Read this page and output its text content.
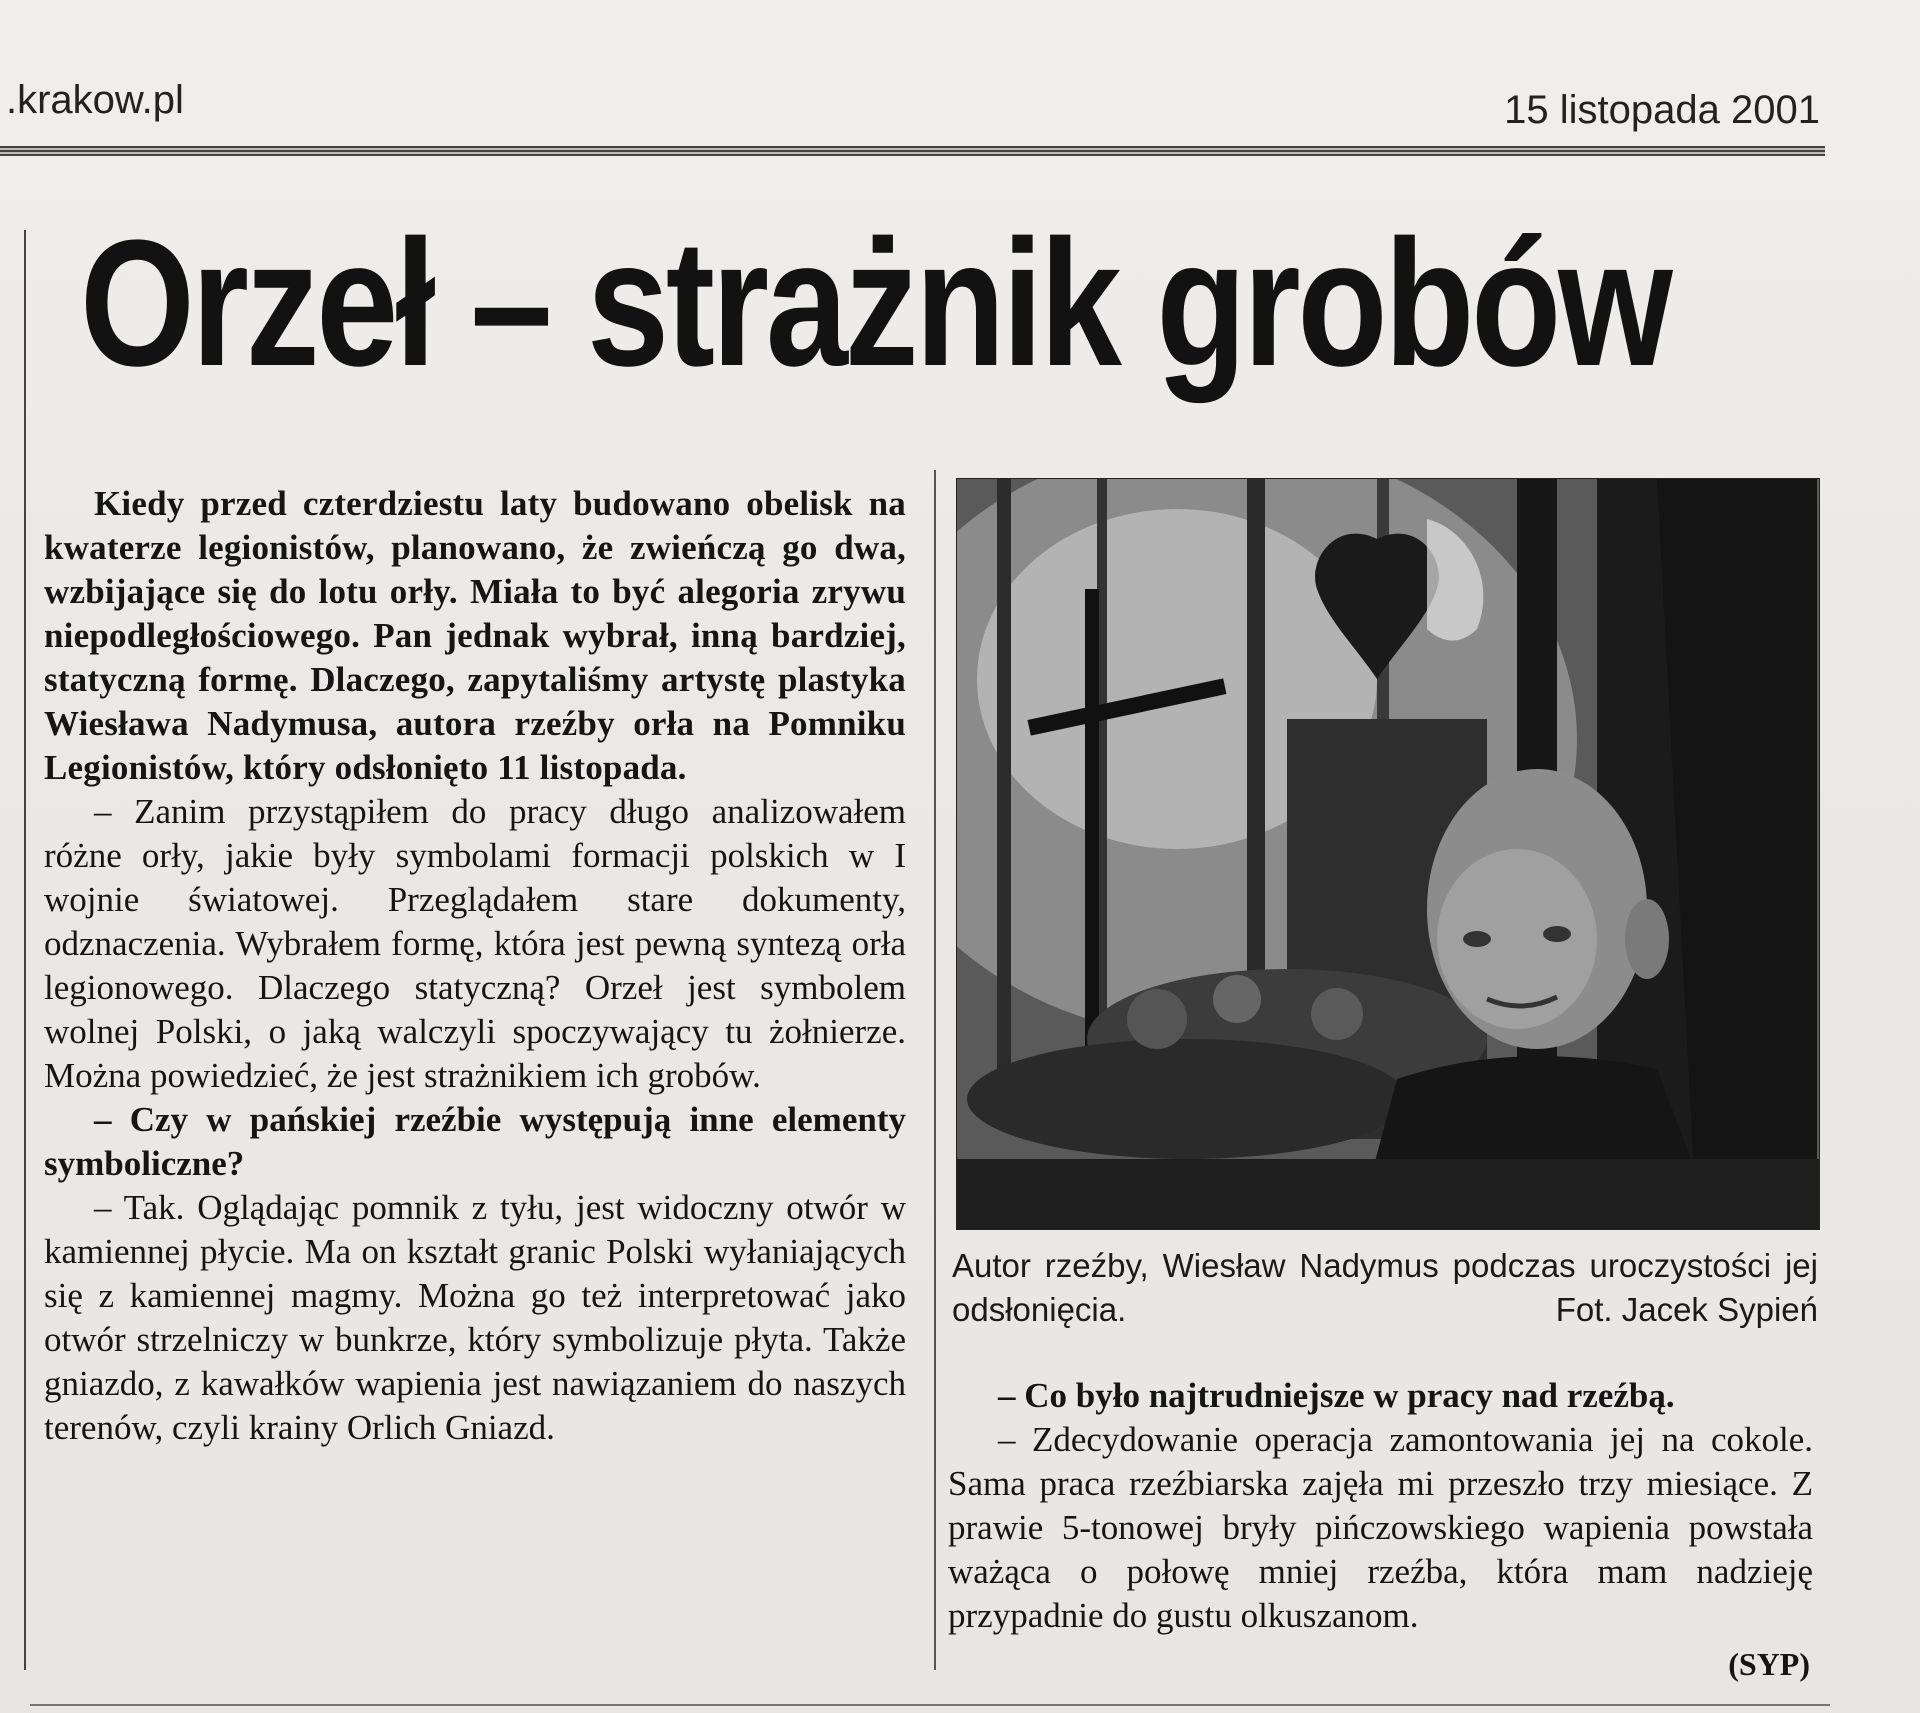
.krakow.pl	15 listopada 2001
Orzeł – strażnik grobów

Kiedy przed czterdziestu laty budowano obelisk na kwaterze legionistów, planowano, że zwieńczą go dwa, wzbijające się do lotu orły. Miała to być alegoria zrywu niepodległościowego. Pan jednak wybrał, inną bardziej, statyczną formę. Dlaczego, zapytaliśmy artystę plastyka Wiesława Nadymusa, autora rzeźby orła na Pomniku Legionistów, który odsłonięto 11 listopada.

– Zanim przystąpiłem do pracy długo analizowałem różne orły, jakie były symbolami formacji polskich w I wojnie światowej. Przeglądałem stare dokumenty, odznaczenia. Wybrałem formę, która jest pewną syntezą orła legionowego. Dlaczego statyczną? Orzeł jest symbolem wolnej Polski, o jaką walczyli spoczywający tu żołnierze. Można powiedzieć, że jest strażnikiem ich grobów.

– Czy w pańskiej rzeźbie występują inne elementy symboliczne?

– Tak. Oglądając pomnik z tyłu, jest widoczny otwór w kamiennej płycie. Ma on kształt granic Polski wyłaniających się z kamiennej magmy. Można go też interpretować jako otwór strzelniczy w bunkrze, który symbolizuje płyta. Także gniazdo, z kawałków wapienia jest nawiązaniem do naszych terenów, czyli krainy Orlich Gniazd.

Autor rzeźby, Wiesław Nadymus podczas uroczystości jej odsłonięcia.	Fot. Jacek Sypień

– Co było najtrudniejsze w pracy nad rzeźbą.

– Zdecydowanie operacja zamontowania jej na cokole. Sama praca rzeźbiarska zajęła mi przeszło trzy miesiące. Z prawie 5-tonowej bryły pińczowskiego wapienia powstała ważąca o połowę mniej rzeźba, która mam nadzieję przypadnie do gustu olkuszanom.

(SYP)
